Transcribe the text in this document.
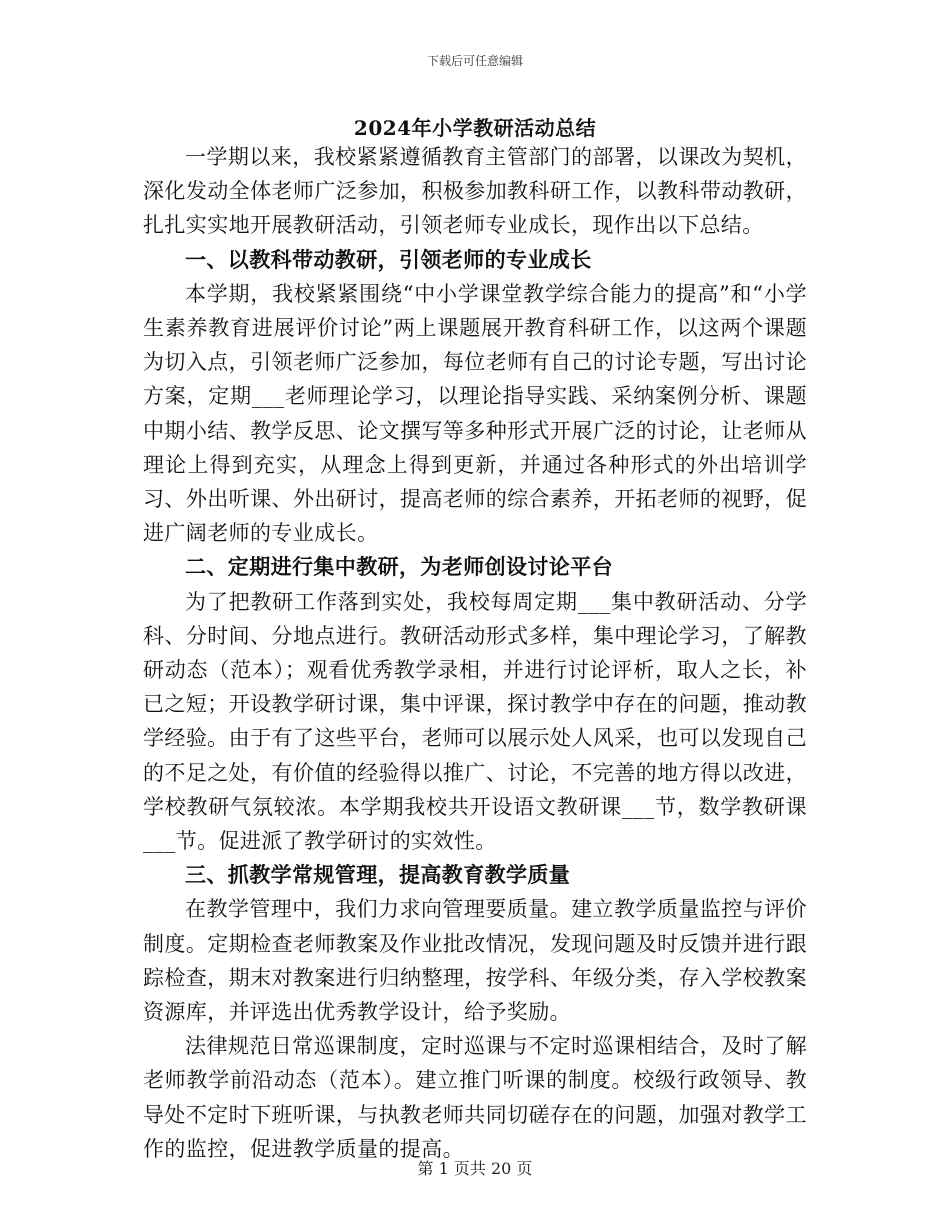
下载后可任意编辑
2024年小学教研活动总结

一学期以来，我校紧紧遵循教育主管部门的部署，以课改为契机，深化发动全体老师广泛参加，积极参加教科研工作，以教科带动教研，扎扎实实地开展教研活动，引领老师专业成长，现作出以下总结。

一、以教科带动教研，引领老师的专业成长

本学期，我校紧紧围绕“中小学课堂教学综合能力的提高”和“小学生素养教育进展评价讨论”两上课题展开教育科研工作，以这两个课题为切入点，引领老师广泛参加，每位老师有自己的讨论专题，写出讨论方案，定期___老师理论学习，以理论指导实践、采纳案例分析、课题中期小结、教学反思、论文撰写等多种形式开展广泛的讨论，让老师从理论上得到充实，从理念上得到更新，并通过各种形式的外出培训学习、外出听课、外出研讨，提高老师的综合素养，开拓老师的视野，促进广阔老师的专业成长。

二、定期进行集中教研，为老师创设讨论平台

为了把教研工作落到实处，我校每周定期___集中教研活动、分学科、分时间、分地点进行。教研活动形式多样，集中理论学习，了解教研动态（范本）；观看优秀教学录相，并进行讨论评析，取人之长，补已之短；开设教学研讨课，集中评课，探讨教学中存在的问题，推动教学经验。由于有了这些平台，老师可以展示处人风采，也可以发现自己的不足之处，有价值的经验得以推广、讨论，不完善的地方得以改进，学校教研气氛较浓。本学期我校共开设语文教研课___节，数学教研课___节。促进派了教学研讨的实效性。

三、抓教学常规管理，提高教育教学质量

在教学管理中，我们力求向管理要质量。建立教学质量监控与评价制度。定期检查老师教案及作业批改情况，发现问题及时反馈并进行跟踪检查，期末对教案进行归纳整理，按学科、年级分类，存入学校教案资源库，并评选出优秀教学设计，给予奖励。

法律规范日常巡课制度，定时巡课与不定时巡课相结合，及时了解老师教学前沿动态（范本）。建立推门听课的制度。校级行政领导、教导处不定时下班听课，与执教老师共同切磋存在的问题，加强对教学工作的监控，促进教学质量的提高。

第 1 页共 20 页
